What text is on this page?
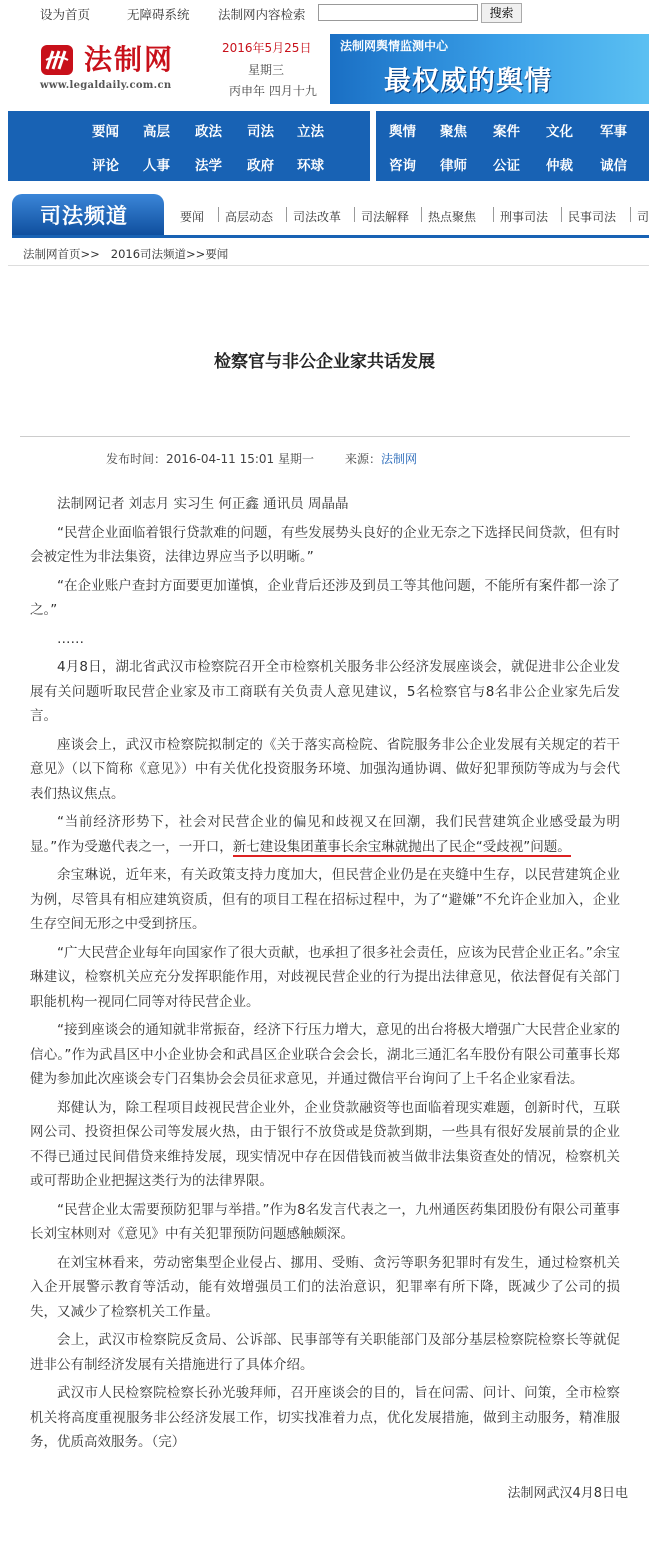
设为首页	无障碍系统 法制网内容检索	搜索
法制网
www.legaldaily.com.cn
2016年5月25日
星期三
丙申年 四月十九
法制网舆情监测中心
最权威的舆情
要闻 高层 政法 司法 立法
评论 人事 法学 政府 环球
舆情 聚焦 案件 文化 军事
咨询 律师 公证 仲裁 诚信
司法频道	要闻 高层动态 司法改革 司法解释 热点聚焦 刑事司法 民事司法 司
法制网首页>> 2016司法频道>>要闻
检察官与非公企业家共话发展
发布时间：2016-04-11 15:01 星期一	来源：法制网

法制网记者 刘志月 实习生 何正鑫 通讯员 周晶晶

“民营企业面临着银行贷款难的问题，有些发展势头良好的企业无奈之下选择民间贷款，但有时会被定性为非法集资，法律边界应当予以明晰。”

“在企业账户查封方面要更加谨慎，企业背后还涉及到员工等其他问题，不能所有案件都一涂了之。”

……

4月8日，湖北省武汉市检察院召开全市检察机关服务非公经济发展座谈会，就促进非公企业发展有关问题听取民营企业家及市工商联有关负责人意见建议，5名检察官与8名非公企业家先后发言。

座谈会上，武汉市检察院拟制定的《关于落实高检院、省院服务非公企业发展有关规定的若干意见》（以下简称《意见》）中有关优化投资服务环境、加强沟通协调、做好犯罪预防等成为与会代表们热议焦点。

“当前经济形势下，社会对民营企业的偏见和歧视又在回潮，我们民营建筑企业感受最为明显。”作为受邀代表之一，一开口，新七建设集团董事长余宝琳就抛出了民企“受歧视”问题。

余宝琳说，近年来，有关政策支持力度加大，但民营企业仍是在夹缝中生存，以民营建筑企业为例，尽管具有相应建筑资质，但有的项目工程在招标过程中，为了“避嫌”不允许企业加入，企业生存空间无形之中受到挤压。

“广大民营企业每年向国家作了很大贡献，也承担了很多社会责任，应该为民营企业正名。”余宝琳建议，检察机关应充分发挥职能作用，对歧视民营企业的行为提出法律意见，依法督促有关部门职能机构一视同仁同等对待民营企业。

“接到座谈会的通知就非常振奋，经济下行压力增大，意见的出台将极大增强广大民营企业家的信心。”作为武昌区中小企业协会和武昌区企业联合会会长，湖北三通汇名车股份有限公司董事长郑健为参加此次座谈会专门召集协会会员征求意见，并通过微信平台询问了上千名企业家看法。

郑健认为，除工程项目歧视民营企业外，企业贷款融资等也面临着现实难题，创新时代，互联网公司、投资担保公司等发展火热，由于银行不放贷或是贷款到期，一些具有很好发展前景的企业不得已通过民间借贷来维持发展，现实情况中存在因借钱而被当做非法集资查处的情况，检察机关或可帮助企业把握这类行为的法律界限。

“民营企业太需要预防犯罪与举措。”作为8名发言代表之一，九州通医药集团股份有限公司董事长刘宝林则对《意见》中有关犯罪预防问题感触颇深。

在刘宝林看来，劳动密集型企业侵占、挪用、受贿、贪污等职务犯罪时有发生，通过检察机关入企开展警示教育等活动，能有效增强员工们的法治意识，犯罪率有所下降，既减少了公司的损失，又减少了检察机关工作量。

会上，武汉市检察院反贪局、公诉部、民事部等有关职能部门及部分基层检察院检察长等就促进非公有制经济发展有关措施进行了具体介绍。

武汉市人民检察院检察长孙光骏拜师，召开座谈会的目的，旨在问需、问计、问策，全市检察机关将高度重视服务非公经济发展工作，切实找准着力点，优化发展措施，做到主动服务，精准服务，优质高效服务。（完）

法制网武汉4月8日电
